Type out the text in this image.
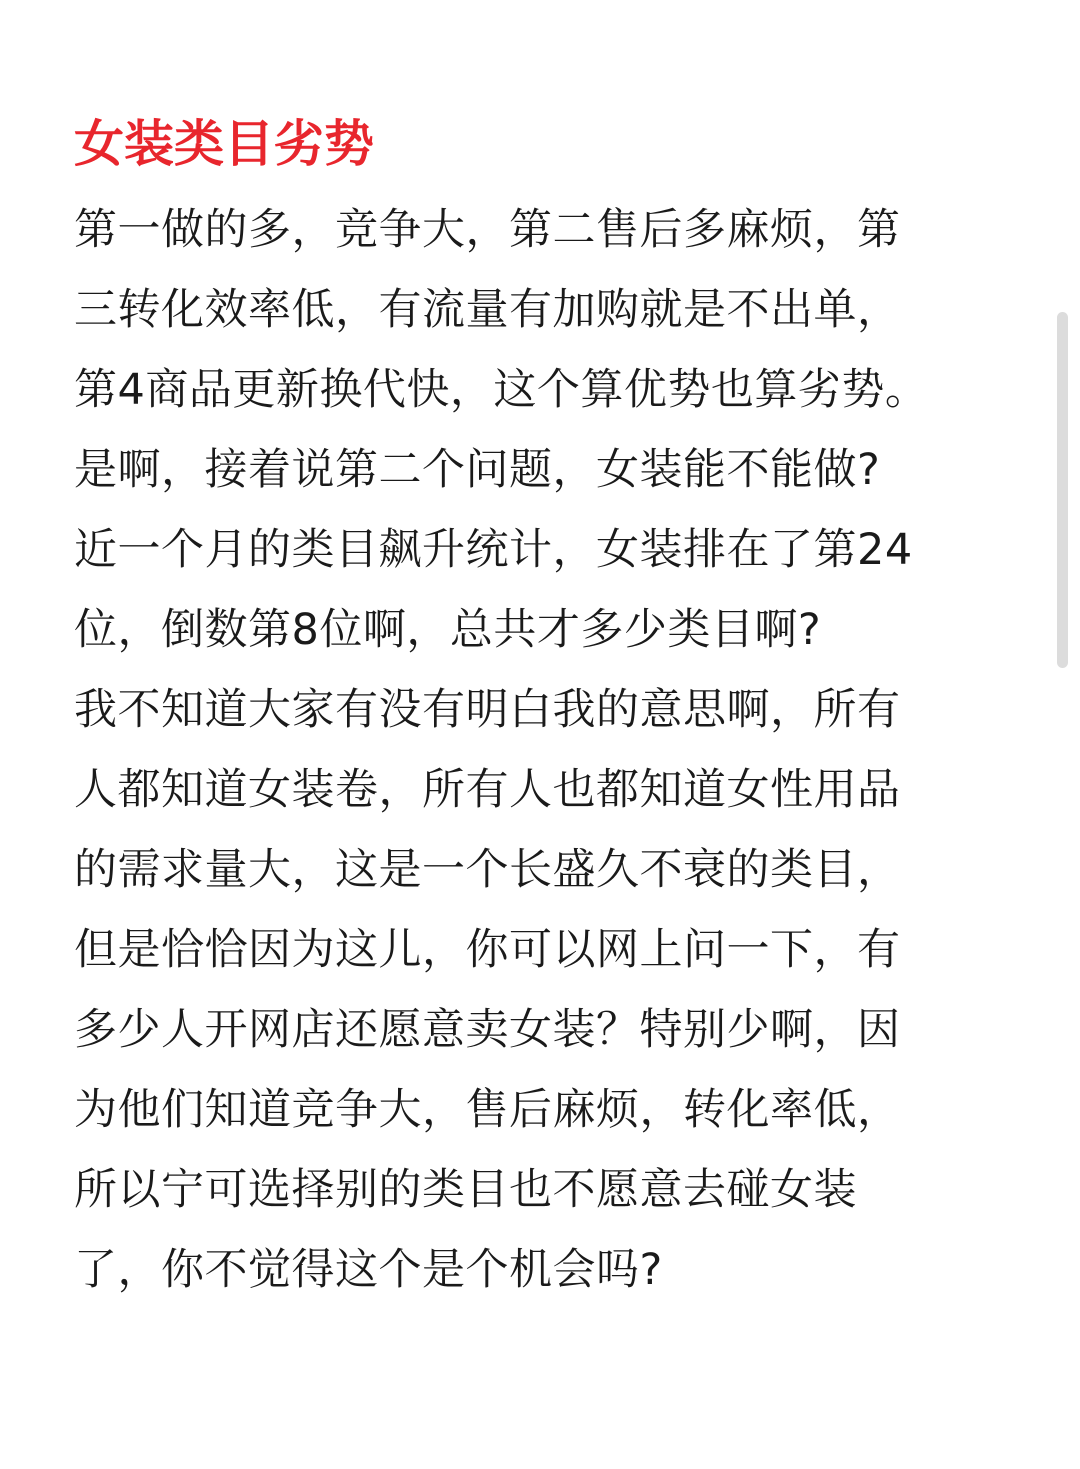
女装类目劣势
第一做的多，竞争大，第二售后多麻烦，第
三转化效率低，有流量有加购就是不出单，
第4商品更新换代快，这个算优势也算劣势。
是啊，接着说第二个问题，女装能不能做?
近一个月的类目飙升统计，女装排在了第24
位，倒数第8位啊，总共才多少类目啊?
我不知道大家有没有明白我的意思啊，所有
人都知道女装卷，所有人也都知道女性用品
的需求量大，这是一个长盛久不衰的类目，
但是恰恰因为这儿，你可以网上问一下，有
多少人开网店还愿意卖女装？特别少啊，因
为他们知道竞争大，售后麻烦，转化率低，
所以宁可选择别的类目也不愿意去碰女装
了，你不觉得这个是个机会吗?
